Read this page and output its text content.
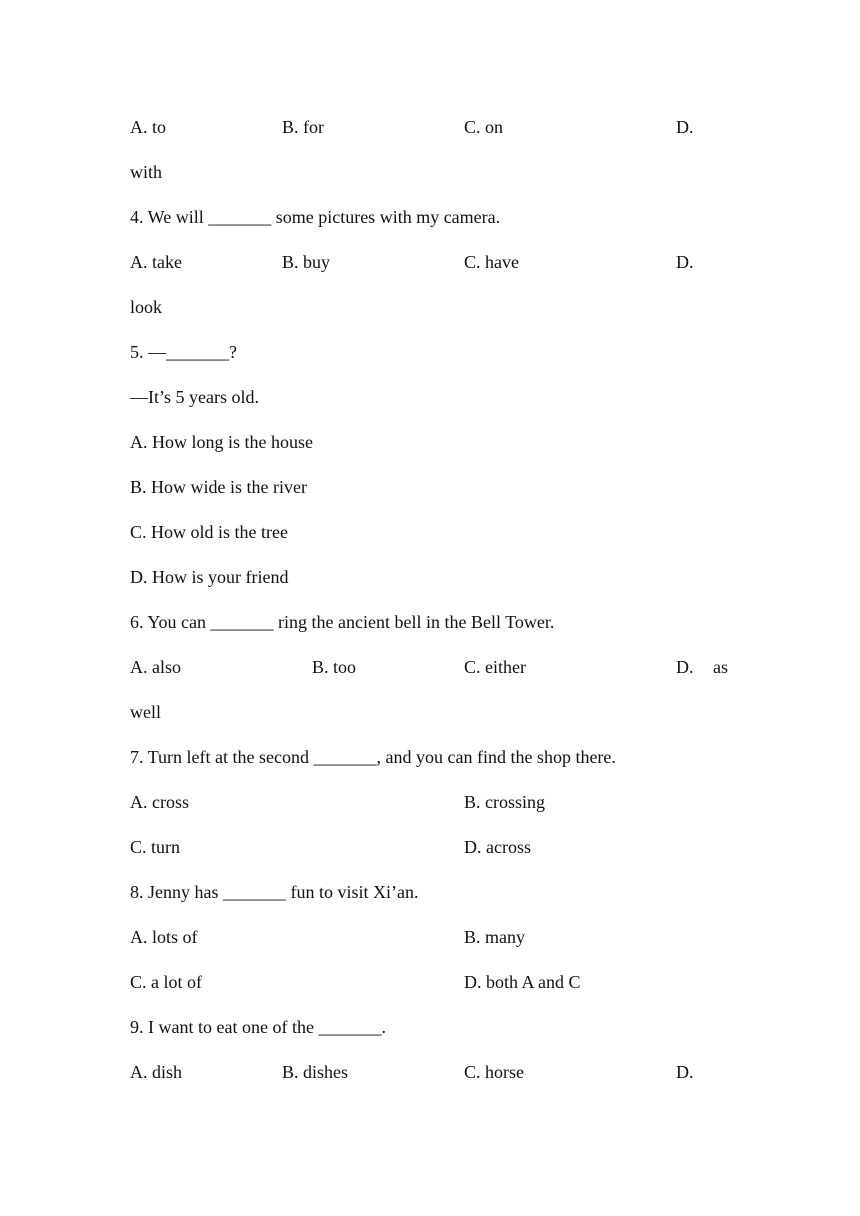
A. to	B. for	C. on	D.
with
4. We will _______ some pictures with my camera.
A. take	B. buy	C. have	D.
look
5. —_______?
—It’s 5 years old.
A. How long is the house
B. How wide is the river
C. How old is the tree
D. How is your friend
6. You can _______ ring the ancient bell in the Bell Tower.
A. also	B. too	C. either	D. as
well
7. Turn left at the second _______, and you can find the shop there.
A. cross	B. crossing
C. turn	D. across
8. Jenny has _______ fun to visit Xi’an.
A. lots of	B. many
C. a lot of	D. both A and C
9. I want to eat one of the _______.
A. dish	B. dishes	C. horse	D.
